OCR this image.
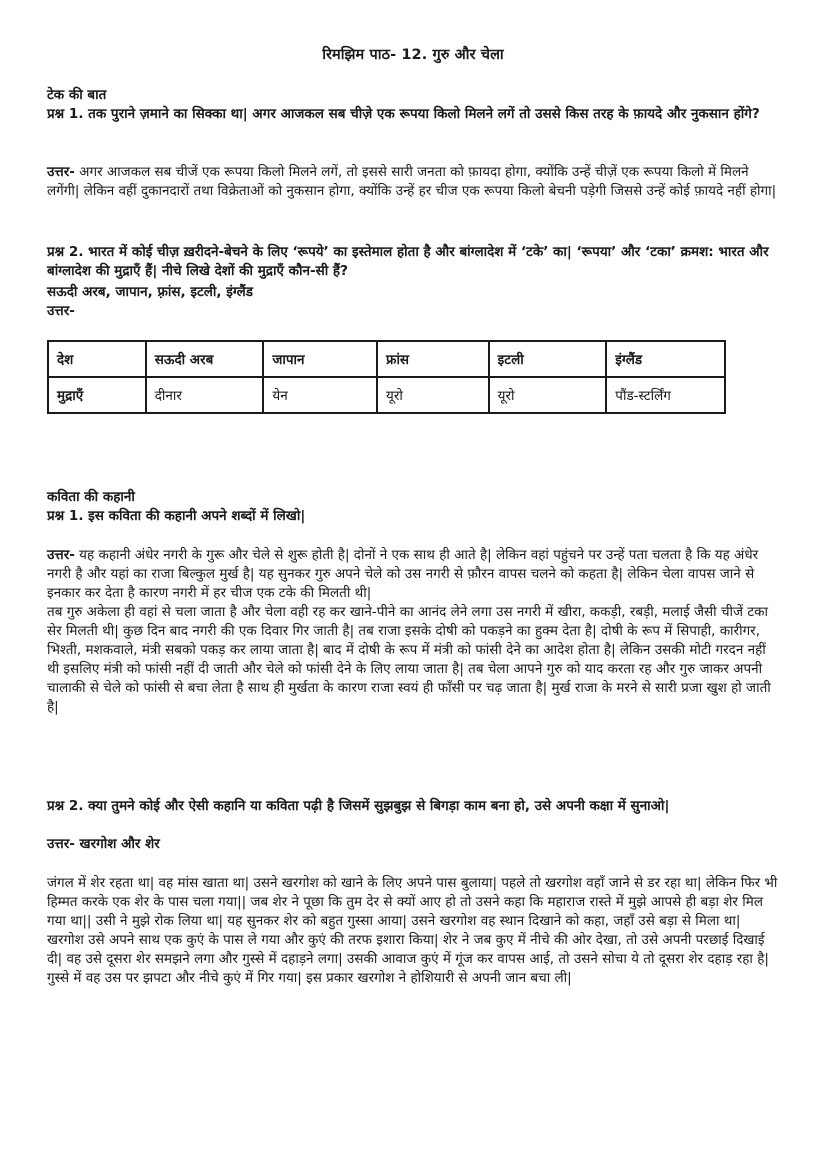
रिमझिम पाठ- 12. गुरु और चेला
टेक की बात
प्रश्न 1. तक पुराने ज़माने का सिक्का था| अगर आजकल सब चीज़े एक रूपया किलो मिलने लगें तो उससे किस तरह के फ़ायदे और नुकसान होंगे?

उत्तर- अगर आजकल सब चीजें एक रूपया किलो मिलने लगें, तो इससे सारी जनता को फ़ायदा होगा, क्योंकि उन्हें चीज़ें एक रूपया किलो में मिलने लगेंगी| लेकिन वहीं दुकानदारों तथा विक्रेताओं को नुकसान होगा, क्योंकि उन्हें हर चीज एक रूपया किलो बेचनी पड़ेगी जिससे उन्हें कोई फ़ायदे नहीं होगा|

प्रश्न 2. भारत में कोई चीज़ ख़रीदने-बेचने के लिए ‘रूपये’ का इस्तेमाल होता है और बांग्लादेश में ‘टके’ का| ‘रूपया’ और ‘टका’ क्रमश: भारत और बांग्लादेश की मुद्राएँ हैं| नीचे लिखे देशों की मुद्राएँ कौन-सी हैं?
सऊदी अरब, जापान, फ़्रांस, इटली, इंग्लैंड
उत्तर-
देश	सऊदी अरब	जापान	फ्रांस	इटली	इंग्लैंड
मुद्राएँ	दीनार	येन	यूरो	यूरो	पौंड-स्टर्लिंग
कविता की कहानी
प्रश्न 1. इस कविता की कहानी अपने शब्दों में लिखो|

उत्तर- यह कहानी अंधेर नगरी के गुरू और चेले से शुरू होती है| दोनों ने एक साथ ही आते है| लेकिन वहां पहुंचने पर उन्हें पता चलता है कि यह अंधेर नगरी है और यहां का राजा बिल्कुल मुर्ख है| यह सुनकर गुरु अपने चेले को उस नगरी से फ़ौरन वापस चलने को कहता है| लेकिन चेला वापस जाने से इनकार कर देता है कारण नगरी में हर चीज एक टके की मिलती थी|

तब गुरु अकेला ही वहां से चला जाता है और चेला वही रह कर खाने-पीने का आनंद लेने लगा उस नगरी में खीरा, ककड़ी, रबड़ी, मलाई जैसी चीजें टका सेर मिलती थी| कुछ दिन बाद नगरी की एक दिवार गिर जाती है| तब राजा इसके दोषी को पकड़ने का हुक्म देता है| दोषी के रूप में सिपाही, कारीगर, भिश्ती, मशकवाले, मंत्री सबको पकड़ कर लाया जाता है| बाद में दोषी के रूप में मंत्री को फांसी देने का आदेश होता है| लेकिन उसकी मोटी गरदन नहीं थी इसलिए मंत्री को फांसी नहीं दी जाती और चेले को फांसी देने के लिए लाया जाता है| तब चेला आपने गुरु को याद करता रह और गुरु जाकर अपनी चालाकी से चेले को फांसी से बचा लेता है साथ ही मुर्खता के कारण राजा स्वयं ही फाँसी पर चढ़ जाता है| मुर्ख राजा के मरने से सारी प्रजा खुश हो जाती है|

प्रश्न 2. क्या तुमने कोई और ऐसी कहानि या कविता पढ़ी है जिसमें सुझबुझ से बिगड़ा काम बना हो, उसे अपनी कक्षा में सुनाओ|
उत्तर- खरगोश और शेर

जंगल में शेर रहता था| वह मांस खाता था| उसने खरगोश को खाने के लिए अपने पास बुलाया| पहले तो खरगोश वहाँ जाने से डर रहा था| लेकिन फिर भी हिम्मत करके एक शेर के पास चला गया|| जब शेर ने पूछा कि तुम देर से क्यों आए हो तो उसने कहा कि महाराज रास्ते में मुझे आपसे ही बड़ा शेर मिल गया था|| उसी ने मुझे रोक लिया था| यह सुनकर शेर को बहुत गुस्सा आया| उसने खरगोश वह स्थान दिखाने को कहा, जहाँ उसे बड़ा से मिला था|

खरगोश उसे अपने साथ एक कुएं के पास ले गया और कुएं की तरफ इशारा किया| शेर ने जब कुए में नीचे की ओर देखा, तो उसे अपनी परछाई दिखाई दी| वह उसे दूसरा शेर समझने लगा और गुस्से में दहाड़ने लगा| उसकी आवाज कुएं में गूंज कर वापस आई, तो उसने सोचा ये तो दूसरा शेर दहाड़ रहा है| गुस्से में वह उस पर झपटा और नीचे कुएं में गिर गया| इस प्रकार खरगोश ने होशियारी से अपनी जान बचा ली|
